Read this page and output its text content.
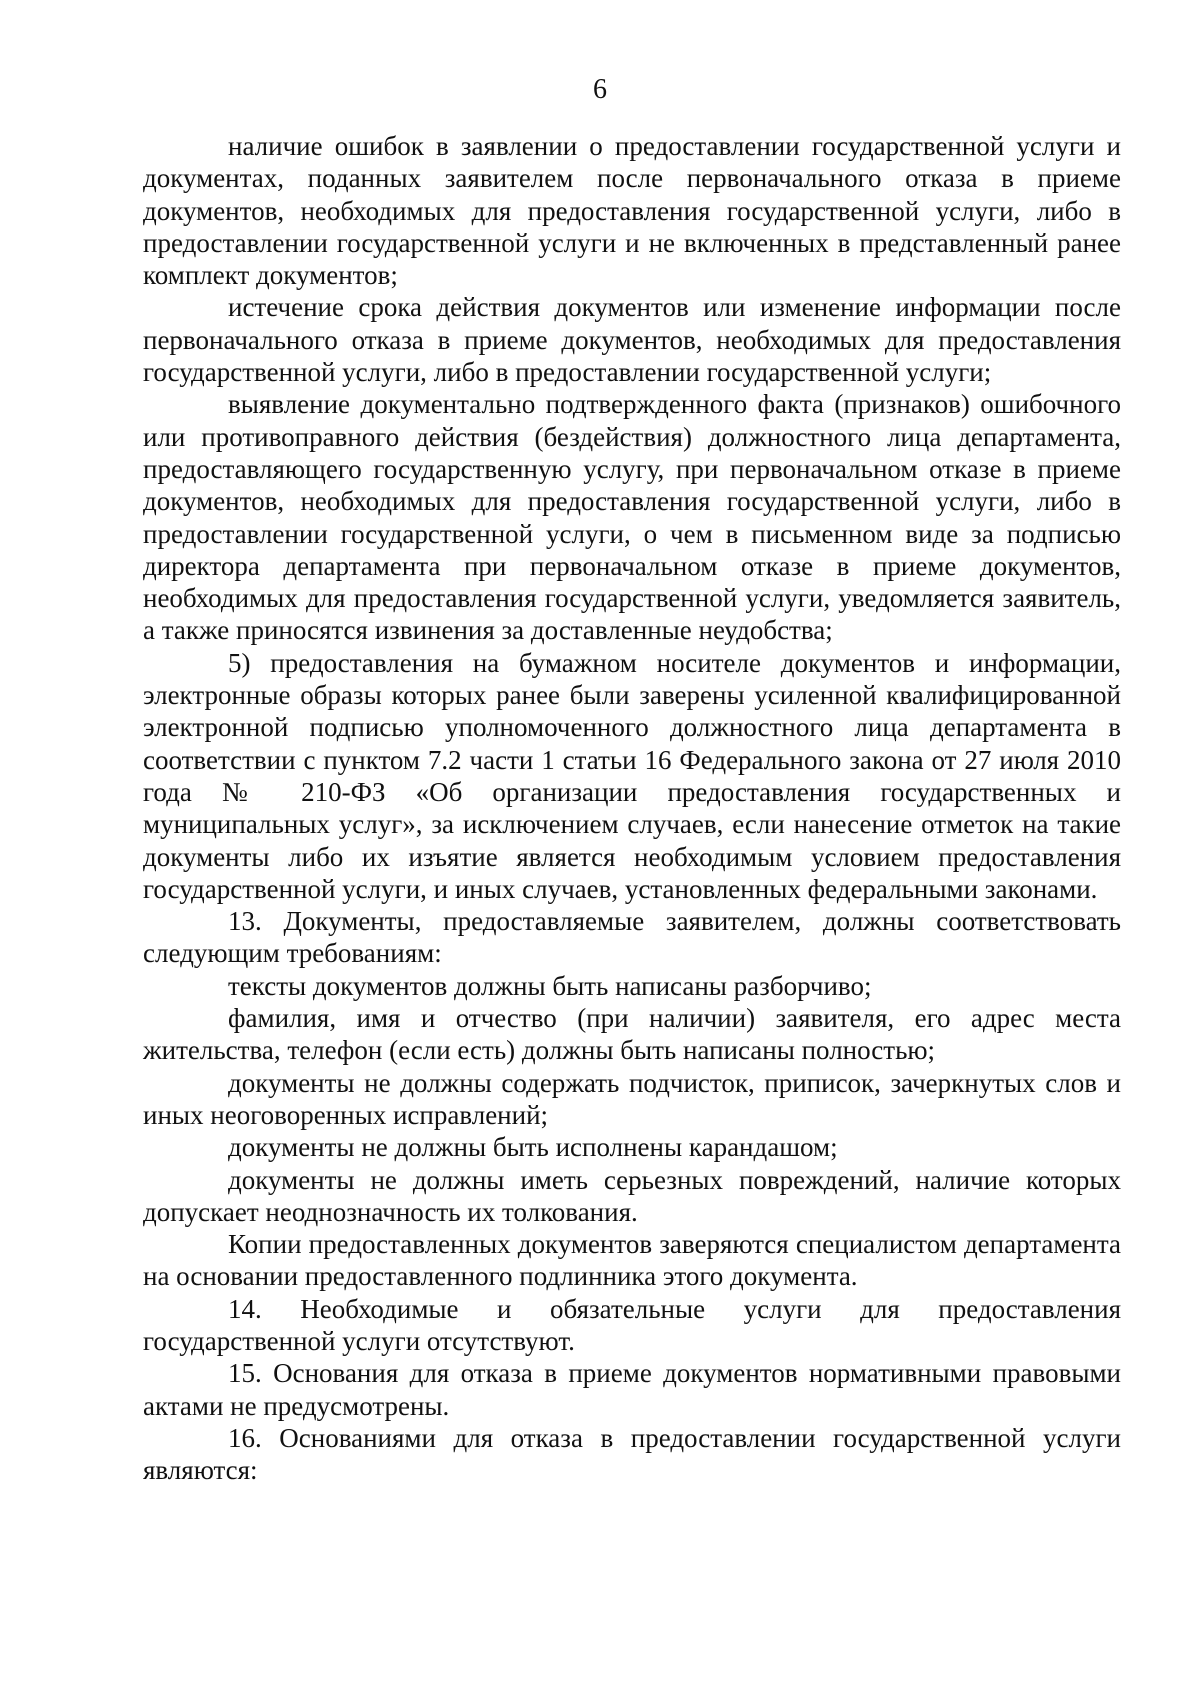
6

наличие ошибок в заявлении о предоставлении государственной услуги и документах, поданных заявителем после первоначального отказа в приеме документов, необходимых для предоставления государственной услуги, либо в предоставлении государственной услуги и не включенных в представленный ранее комплект документов;

истечение срока действия документов или изменение информации после первоначального отказа в приеме документов, необходимых для предоставления государственной услуги, либо в предоставлении государственной услуги;

выявление документально подтвержденного факта (признаков) ошибочного или противоправного действия (бездействия) должностного лица департамента, предоставляющего государственную услугу, при первоначальном отказе в приеме документов, необходимых для предоставления государственной услуги, либо в предоставлении государственной услуги, о чем в письменном виде за подписью директора департамента при первоначальном отказе в приеме документов, необходимых для предоставления государственной услуги, уведомляется заявитель, а также приносятся извинения за доставленные неудобства;

5) предоставления на бумажном носителе документов и информации, электронные образы которых ранее были заверены усиленной квалифицированной электронной подписью уполномоченного должностного лица департамента в соответствии с пунктом 7.2 части 1 статьи 16 Федерального закона от 27 июля 2010 года № 210-ФЗ «Об организации предоставления государственных и муниципальных услуг», за исключением случаев, если нанесение отметок на такие документы либо их изъятие является необходимым условием предоставления государственной услуги, и иных случаев, установленных федеральными законами.

13. Документы, предоставляемые заявителем, должны соответствовать следующим требованиям:

тексты документов должны быть написаны разборчиво;

фамилия, имя и отчество (при наличии) заявителя, его адрес места жительства, телефон (если есть) должны быть написаны полностью;

документы не должны содержать подчисток, приписок, зачеркнутых слов и иных неоговоренных исправлений;

документы не должны быть исполнены карандашом;

документы не должны иметь серьезных повреждений, наличие которых допускает неоднозначность их толкования.

Копии предоставленных документов заверяются специалистом департамента на основании предоставленного подлинника этого документа.

14. Необходимые и обязательные услуги для предоставления государственной услуги отсутствуют.

15. Основания для отказа в приеме документов нормативными правовыми актами не предусмотрены.

16. Основаниями для отказа в предоставлении государственной услуги являются:
